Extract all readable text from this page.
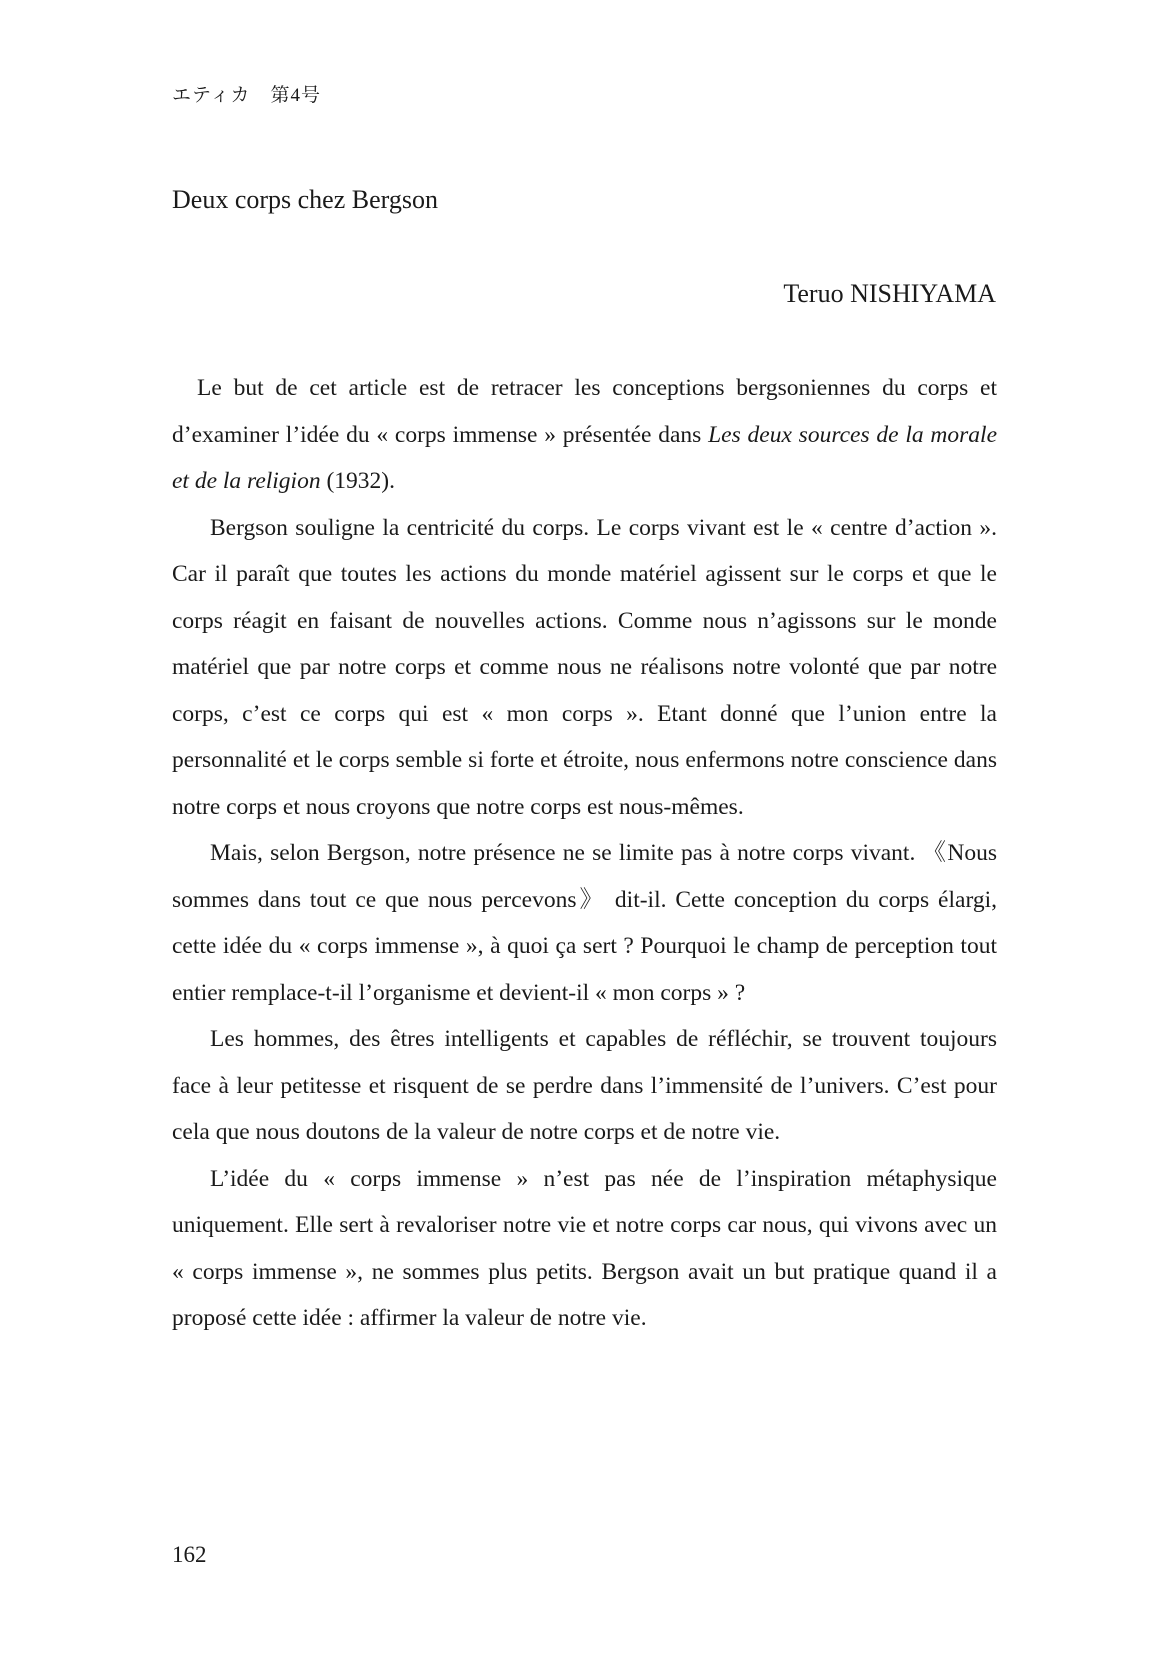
エティカ　第4号
Deux corps chez Bergson
Teruo NISHIYAMA

Le but de cet article est de retracer les conceptions bergsoniennes du corps et d’examiner l’idée du « corps immense » présentée dans Les deux sources de la morale et de la religion (1932).

Bergson souligne la centricité du corps. Le corps vivant est le « centre d’action ». Car il paraît que toutes les actions du monde matériel agissent sur le corps et que le corps réagit en faisant de nouvelles actions. Comme nous n’agissons sur le monde matériel que par notre corps et comme nous ne réalisons notre volonté que par notre corps, c’est ce corps qui est « mon corps ». Etant donné que l’union entre la personnalité et le corps semble si forte et étroite, nous enfermons notre conscience dans notre corps et nous croyons que notre corps est nous-mêmes.

Mais, selon Bergson, notre présence ne se limite pas à notre corps vivant. 《Nous sommes dans tout ce que nous percevons》 dit-il. Cette conception du corps élargi, cette idée du « corps immense », à quoi ça sert ? Pourquoi le champ de perception tout entier remplace-t-il l’organisme et devient-il « mon corps » ?

Les hommes, des êtres intelligents et capables de réfléchir, se trouvent toujours face à leur petitesse et risquent de se perdre dans l’immensité de l’univers. C’est pour cela que nous doutons de la valeur de notre corps et de notre vie.

L’idée du « corps immense » n’est pas née de l’inspiration métaphysique uniquement. Elle sert à revaloriser notre vie et notre corps car nous, qui vivons avec un « corps immense », ne sommes plus petits. Bergson avait un but pratique quand il a proposé cette idée : affirmer la valeur de notre vie.

162
